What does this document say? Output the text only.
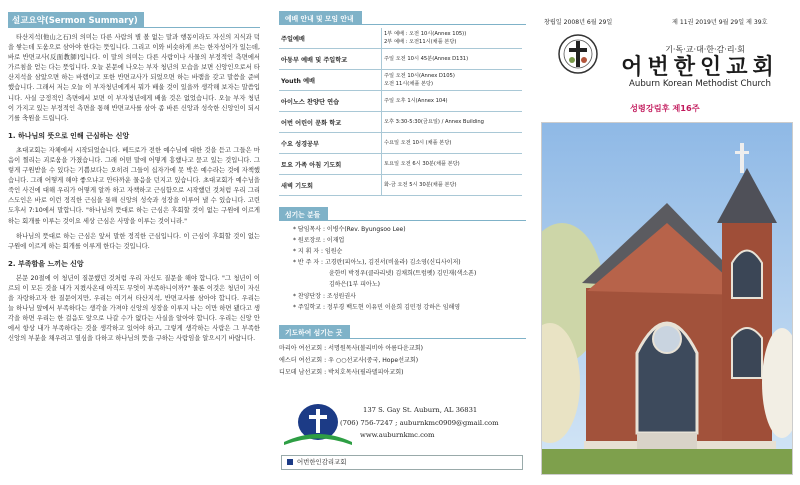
설교요약(Sermon Summary)

타산지석(他山之石)의 의미는 다른 사람의 별 볼 없는 말과 행동이라도 자신의 지식과 덕을 쌓는데 도움으로 삼아야 한다는 뜻입니다. 그리고 이와 비슷하게 쓰는 한자성어가 있는데, 바로 반면교사(反面教師)입니다. 이 말의 의미는 다른 사람이나 사물의 부정적인 측면에서 가르침을 얻는 다는 뜻입니다. 오늘 본문에 나오는 부자 청년의 모습을 보면 신앙인으로서 타산지석을 삼았으면 하는 바램이고 또한 반면교사가 되었으면 하는 바램을 갖고 말씀을 준비했습니다. 그래서 저는 오늘 이 부자청년에게서 뭐가 배울 것이 있을까 생각해 보자는 말씀입니다. 사실 긍정적인 측면에서 보면 이 부자청년에게 배울 것은 없었습니다. 오늘 부자 청년이 가지고 있는 부정적인 측면을 통해 반면교사를 삼아 좀 바른 신앙과 성숙한 신앙인이 되시기를 축원을 드립니다.

1. 하나님의 뜻으로 인해 근심하는 신앙

초대교회는 자체에서 시작되었습니다. 베드로가 전한 예수님에 대한 것을 듣고 그들은 마음이 찔리는 괴로움을 가졌습니다. 그래 어떤 말에 어떻게 흥했나고 묻고 있는 것입니다. 그렇게 구원받을 수 있다는 기쁨보다는 오히려 그들이 십자가에 못 박은 예수라는 것에 자책했습니다. 그래 어떻게 해야 좋으냐고 안타까운 물음을 던지고 있습니다. 초대교회가 예수님을 죽인 사건에 대해 우리가 어떻게 알까 하고 자책하고 근심함으로 시작했던 것처럼 우리 그리스도인은 바로 이런 정직한 근심을 통해 신앙의 성숙과 성장을 이루어 낼 수 있습니다. 고린도후서 7:10에서 말합니다. "하나님의 뜻대로 하는 근심은 후회할 것이 없는 구원에 이르게 하는 회개를 이루는 것이요 세상 근심은 사망을 이루는 것이니라."

하나님의 뜻대로 하는 근심은 앞서 말한 정직한 근심입니다. 이 근심이 후회할 것이 없는 구원에 이르게 하는 회개를 이루게 한다는 것입니다.

2. 부족함을 느끼는 신앙

본문 20절에 이 청년이 질문했던 것처럼 우리 자신도 질문을 해야 합니다. "그 청년이 이르되 이 모든 것을 내가 지켰사온대 아직도 무엇이 부족하니이까?" 물론 이것은 청년이 자신을 자랑하고자 한 질문이지만, 우리는 여기서 타산지석, 반면교사를 삼아야 합니다. 우리는 늘 하나님 앞에서 부족하다는 생각을 가져야 신앙의 성장을 이루지 나는 이만 하면 됐다고 생각을 하면 우리는 한 걸음도 앞으로 나갈 수가 없다는 사실을 알아야 합니다. 우리는 신앙 안에서 항상 내가 부족하다는 것을 생각하고 있어야 하고, 그렇게 생각하는 사람은 그 부족한 신앙의 부분을 채우려고 열심을 다하고 하나님의 뜻을 구하는 사람임을 알으시기 바랍니다.

예배 안내 및 모임 안내
주일예배	1부 예배 : 오전 10시(Annex 105))
2부 예배 : 오전11시(채플 본당)

아동부 예배 및 주일학교	주일 오전 10시 45분(Annex D131)

Youth 예배	주일 오전 10시(Annex D105)
오전 11시(채플 본당)

아이노스 찬양단 연습	주일 오후 1시(Annex 104)

어번 어린이 문화 학교	오후 3:30-5:30(금요일) / Annex Building

수요 성경공부	수요일 오전 10시 (채플 본당)

토요 가족 아침 기도회	토요일 오전 6시 30분(채플 본당)

새벽 기도회	화-금 오전 5시 30분(채플 본당)
섬기는 분들
* 담임목사 : 이병수(Rev. Byungsoo Lee)
* 원로장로 : 이재업
* 지 휘 자 : 임원순
* 반 주 자 : 고경란(피아노), 김진서(비올라) 김소영(신디사이저)
윤한비 박정우(클라리넷) 김채희(트럼펫) 김민재(색소폰)
김하은(1부 피아노)
* 찬양단장 : 조성원권사
* 주일학교 : 정부경 백도현 이유민 이윤희 김민정 강하은 임해영
기도하여 섬기는 곳
마리아 여선교회 : 서명원목사(볼리비아 아름다운교회)
에스더 여선교회 : 우 ○○선교사(중국, Hope선교회)
디모데 남선교회 : 박치호목사(필라델피아교회)
137 S. Gay St. Auburn, AL 36831
(706) 756-7247 ; auburnkmc0909@gmail.com
www.auburnkmc.com
어번한인감리교회
창립일 2008년 6월 29일	제 11권 2019년 9월 29일 제 39호
기·독·교·대·한·감·리·회
어번한인교회
Auburn Korean Methodist Church
성령강림후 제16주
